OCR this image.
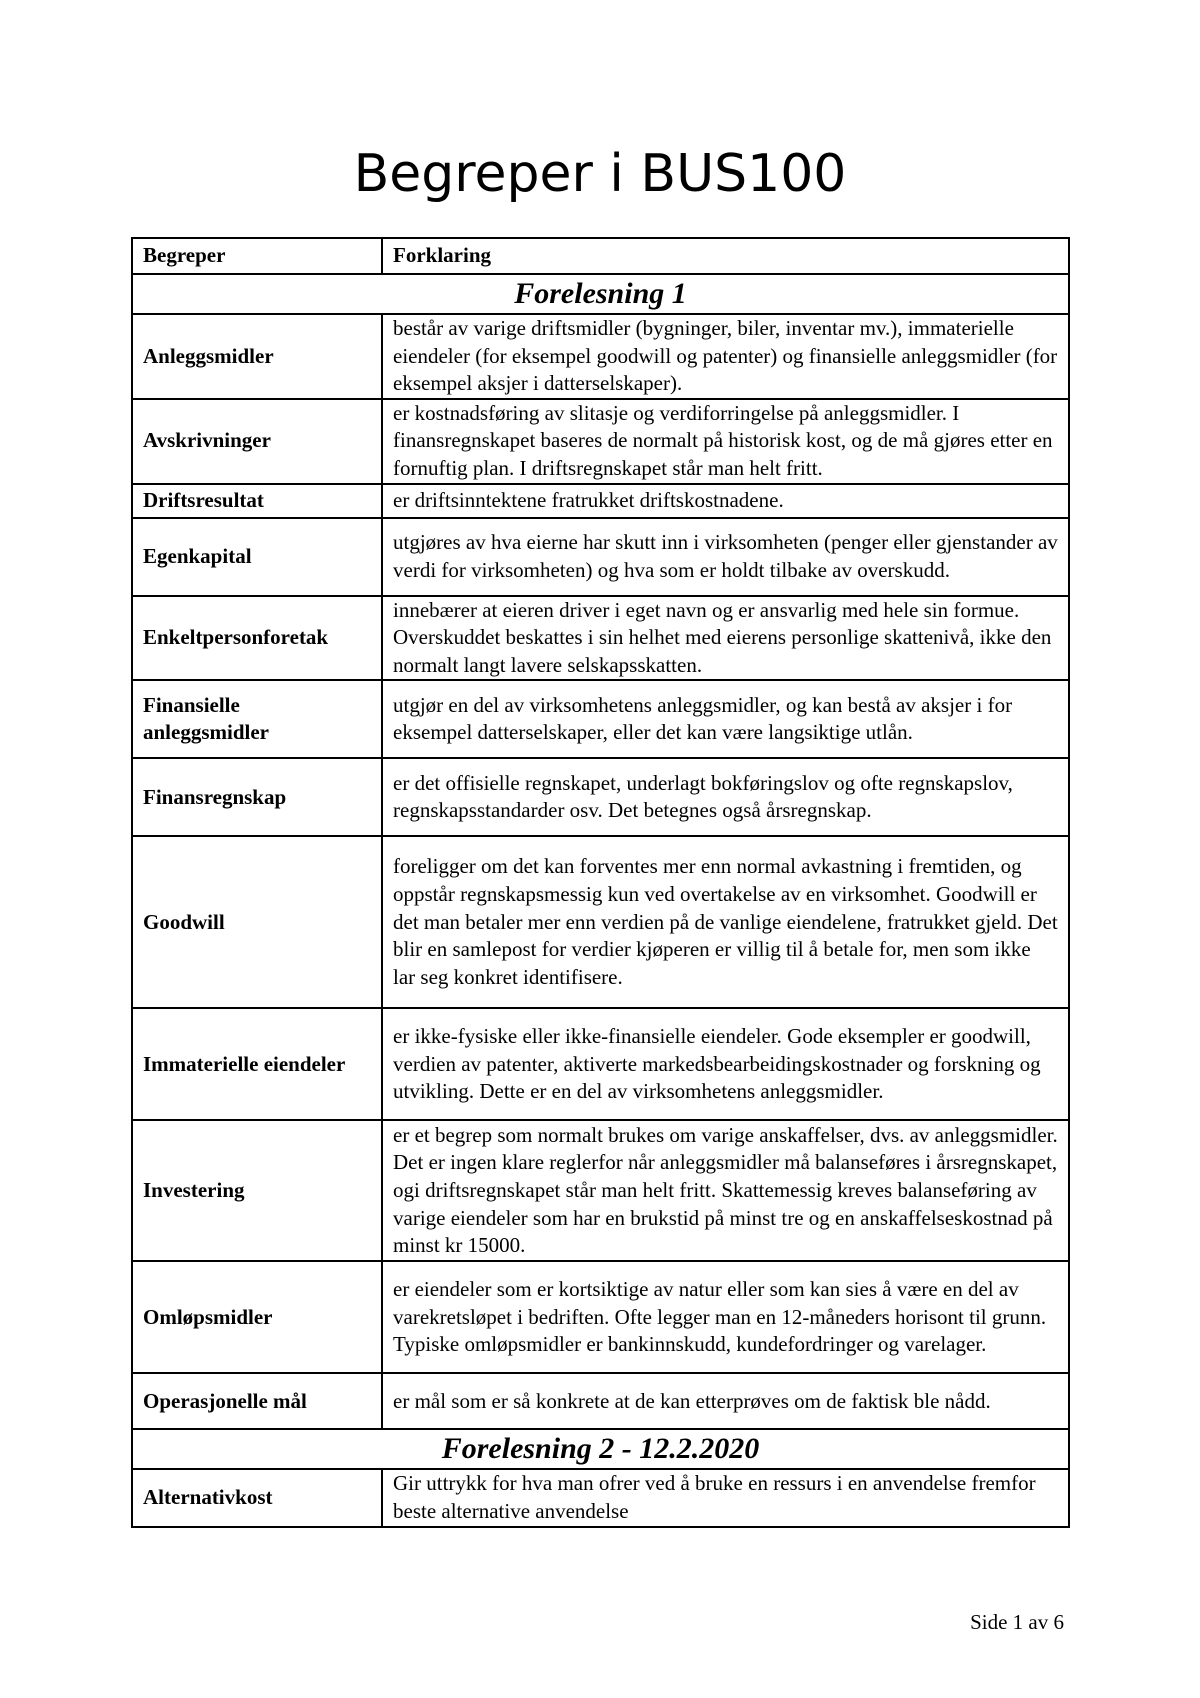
Begreper i BUS100
Begreper	Forklaring
Forelesning 1	
Anleggsmidler	består av varige driftsmidler (bygninger, biler, inventar mv.), immaterielle eiendeler (for eksempel goodwill og patenter) og finansielle anleggsmidler (for eksempel aksjer i datterselskaper).
Avskrivninger	er kostnadsføring av slitasje og verdiforringelse på anleggsmidler. I finansregnskapet baseres de normalt på historisk kost, og de må gjøres etter en fornuftig plan. I driftsregnskapet står man helt fritt.
Driftsresultat	er driftsinntektene fratrukket driftskostnadene.
Egenkapital	utgjøres av hva eierne har skutt inn i virksomheten (penger eller gjenstander av verdi for virksomheten) og hva som er holdt tilbake av overskudd.
Enkeltpersonforetak	innebærer at eieren driver i eget navn og er ansvarlig med hele sin formue. Overskuddet beskattes i sin helhet med eierens personlige skattenivå, ikke den normalt langt lavere selskapsskatten.
Finansielle anleggsmidler	utgjør en del av virksomhetens anleggsmidler, og kan bestå av aksjer i for eksempel datterselskaper, eller det kan være langsiktige utlån.
Finansregnskap	er det offisielle regnskapet, underlagt bokføringslov og ofte regnskapslov, regnskapsstandarder osv. Det betegnes også årsregnskap.
Goodwill	foreligger om det kan forventes mer enn normal avkastning i fremtiden, og oppstår regnskapsmessig kun ved overtakelse av en virksomhet. Goodwill er det man betaler mer enn verdien på de vanlige eiendelene, fratrukket gjeld. Det blir en samlepost for verdier kjøperen er villig til å betale for, men som ikke lar seg konkret identifisere.
Immaterielle eiendeler	er ikke-fysiske eller ikke-finansielle eiendeler. Gode eksempler er goodwill, verdien av patenter, aktiverte markedsbearbeidingskostnader og forskning og utvikling. Dette er en del av virksomhetens anleggsmidler.
Investering	er et begrep som normalt brukes om varige anskaffelser, dvs. av anleggsmidler. Det er ingen klare reglerfor når anleggsmidler må balanseføres i årsregnskapet, ogi driftsregnskapet står man helt fritt. Skattemessig kreves balanseføring av varige eiendeler som har en brukstid på minst tre og en anskaffelseskostnad på minst kr 15000.
Omløpsmidler	er eiendeler som er kortsiktige av natur eller som kan sies å være en del av varekretsløpet i bedriften. Ofte legger man en 12-måneders horisont til grunn. Typiske omløpsmidler er bankinnskudd, kundefordringer og varelager.
Operasjonelle mål	er mål som er så konkrete at de kan etterprøves om de faktisk ble nådd.
Forelesning 2 - 12.2.2020	
Alternativkost	Gir uttrykk for hva man ofrer ved å bruke en ressurs i en anvendelse fremfor beste alternative anvendelse
Side 1 av 6
